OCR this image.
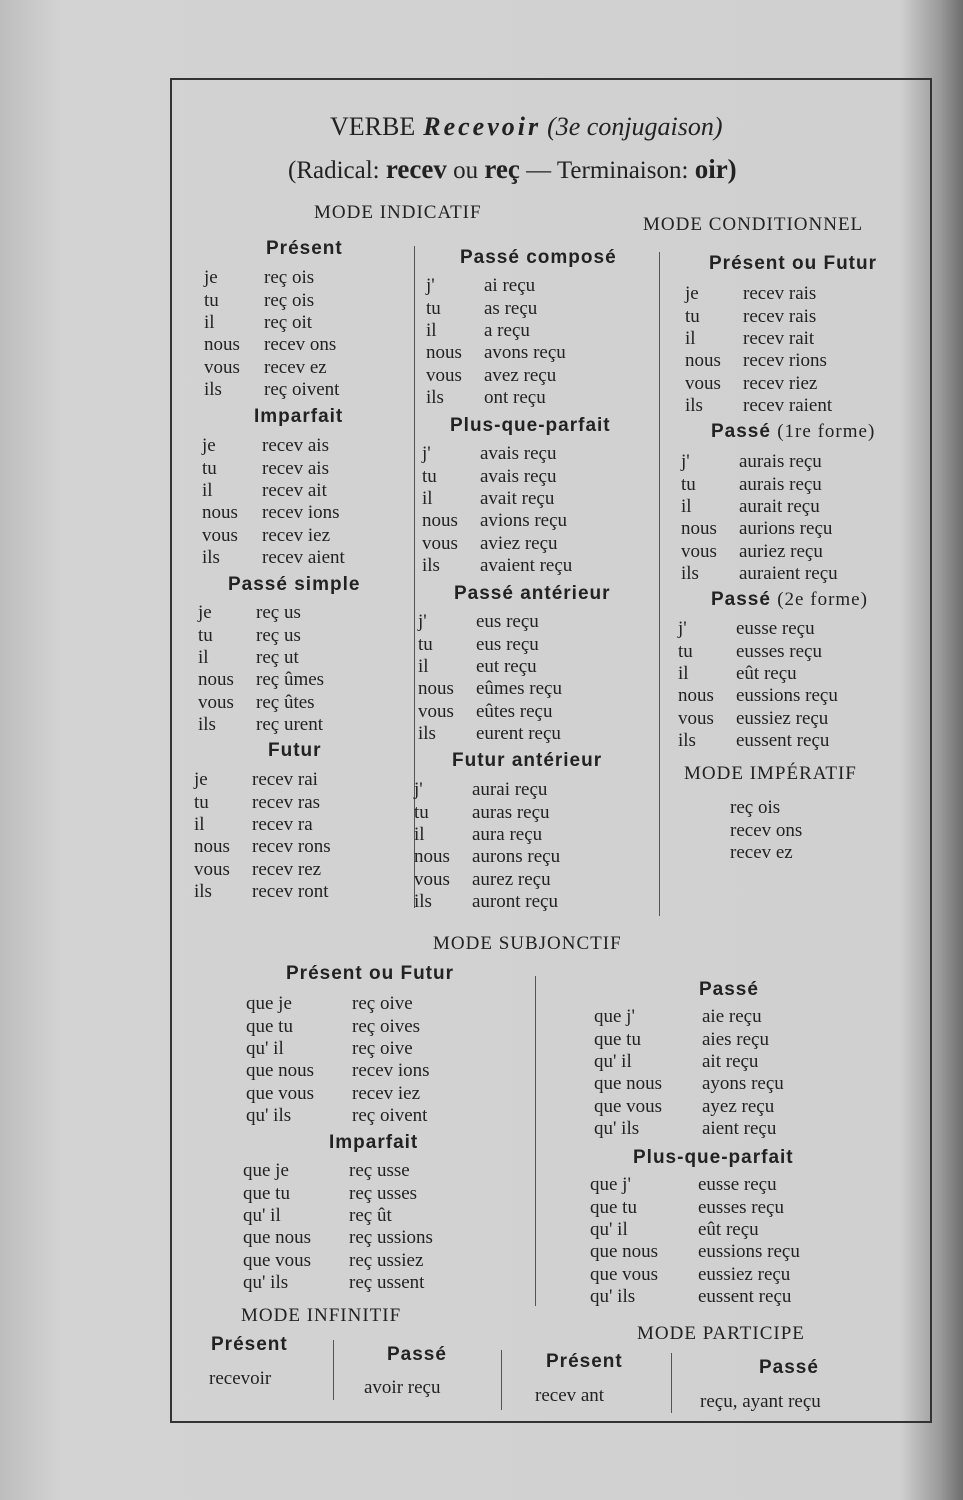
VERBE Recevoir (3e conjugaison)
(Radical: recev ou reç — Terminaison: oir)
MODE INDICATIF
MODE CONDITIONNEL
Présent
je	reç ois
tu	reç ois
il	reç oit
nous	recev ons
vous	recev ez
ils	reç oivent
Imparfait
je	recev ais
tu	recev ais
il	recev ait
nous	recev ions
vous	recev iez
ils	recev aient
Passé simple
je	reç us
tu	reç us
il	reç ut
nous	reç ûmes
vous	reç ûtes
ils	reç urent
Futur
je	recev rai
tu	recev ras
il	recev ra
nous	recev rons
vous	recev rez
ils	recev ront
Passé composé
j'	ai reçu
tu	as reçu
il	a reçu
nous	avons reçu
vous	avez reçu
ils	ont reçu
Plus-que-parfait
j'	avais reçu
tu	avais reçu
il	avait reçu
nous	avions reçu
vous	aviez reçu
ils	avaient reçu
Passé antérieur
j'	eus reçu
tu	eus reçu
il	eut reçu
nous	eûmes reçu
vous	eûtes reçu
ils	eurent reçu
Futur antérieur
j'	aurai reçu
tu	auras reçu
il	aura reçu
nous	aurons reçu
vous	aurez reçu
ils	auront reçu
Présent ou Futur
je	recev rais
tu	recev rais
il	recev rait
nous	recev rions
vous	recev riez
ils	recev raient
Passé (1re forme)
j'	aurais reçu
tu	aurais reçu
il	aurait reçu
nous	aurions reçu
vous	auriez reçu
ils	auraient reçu
Passé (2e forme)
j'	eusse reçu
tu	eusses reçu
il	eût reçu
nous	eussions reçu
vous	eussiez reçu
ils	eussent reçu
MODE IMPÉRATIF
reç ois
recev ons
recev ez
MODE SUBJONCTIF
Présent ou Futur
que je	reç oive
que tu	reç oives
qu' il	reç oive
que nous	recev ions
que vous	recev iez
qu' ils	reç oivent
Imparfait
que je	reç usse
que tu	reç usses
qu' il	reç ût
que nous	reç ussions
que vous	reç ussiez
qu' ils	reç ussent
Passé
que j'	aie reçu
que tu	aies reçu
qu' il	ait reçu
que nous	ayons reçu
que vous	ayez reçu
qu' ils	aient reçu
Plus-que-parfait
que j'	eusse reçu
que tu	eusses reçu
qu' il	eût reçu
que nous	eussions reçu
que vous	eussiez reçu
qu' ils	eussent reçu
MODE INFINITIF
Présent
recevoir
Passé
avoir reçu
MODE PARTICIPE
Présent
recev ant
Passé
reçu, ayant reçu
